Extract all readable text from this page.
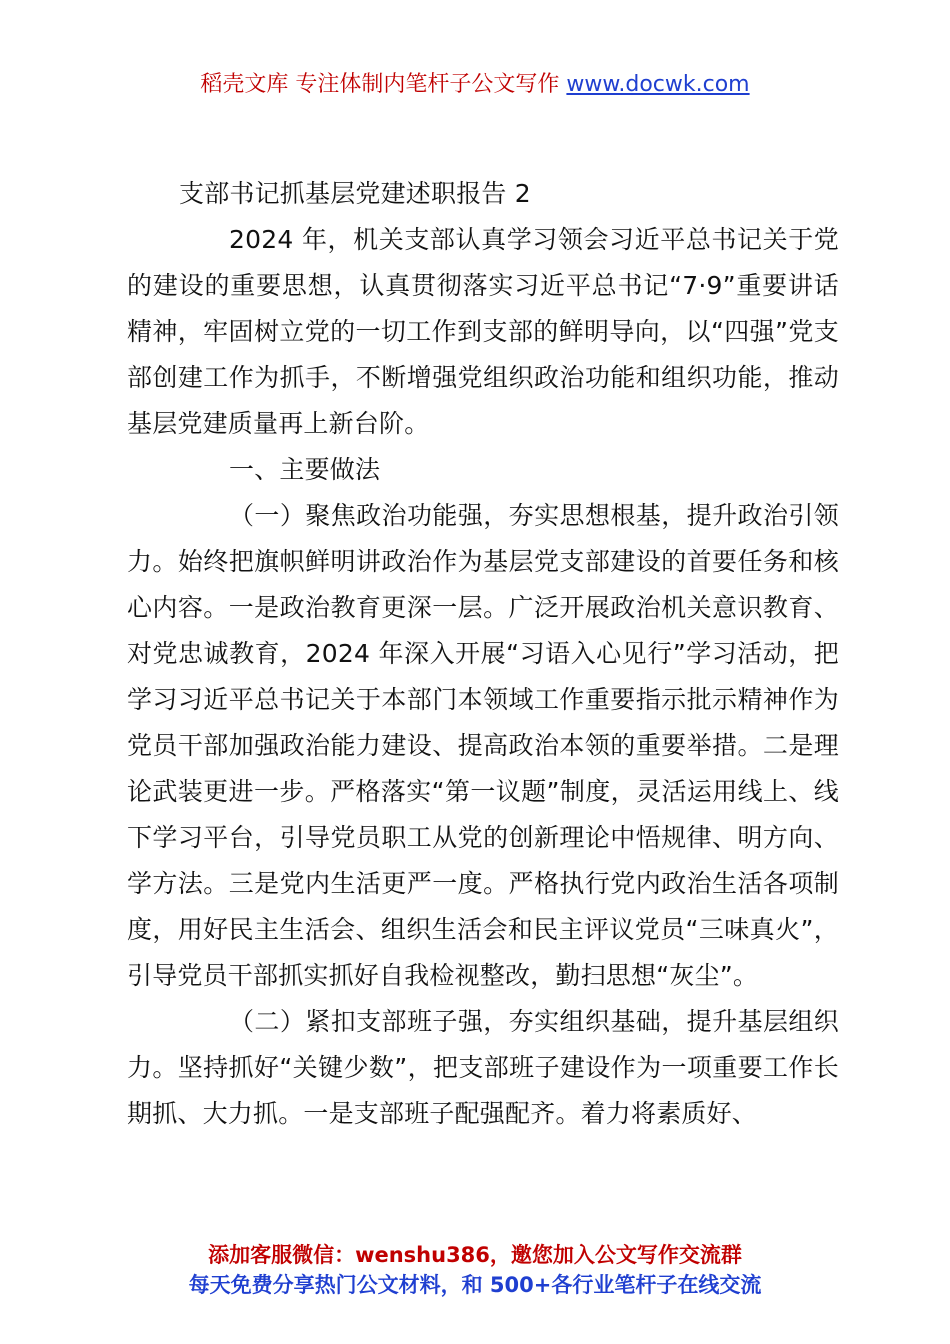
稻壳文库 专注体制内笔杆子公文写作 www.docwk.com

支部书记抓基层党建述职报告 2

2024 年，机关支部认真学习领会习近平总书记关于党的建设的重要思想，认真贯彻落实习近平总书记“7·9”重要讲话精神，牢固树立党的一切工作到支部的鲜明导向，以“四强”党支部创建工作为抓手，不断增强党组织政治功能和组织功能，推动基层党建质量再上新台阶。

一、主要做法

（一）聚焦政治功能强，夯实思想根基，提升政治引领力。始终把旗帜鲜明讲政治作为基层党支部建设的首要任务和核心内容。一是政治教育更深一层。广泛开展政治机关意识教育、对党忠诚教育，2024 年深入开展“习语入心见行”学习活动，把学习习近平总书记关于本部门本领域工作重要指示批示精神作为党员干部加强政治能力建设、提高政治本领的重要举措。二是理论武装更进一步。严格落实“第一议题”制度，灵活运用线上、线下学习平台，引导党员职工从党的创新理论中悟规律、明方向、学方法。三是党内生活更严一度。严格执行党内政治生活各项制度，用好民主生活会、组织生活会和民主评议党员“三味真火”，引导党员干部抓实抓好自我检视整改，勤扫思想“灰尘”。

（二）紧扣支部班子强，夯实组织基础，提升基层组织力。坚持抓好“关键少数”，把支部班子建设作为一项重要工作长期抓、大力抓。一是支部班子配强配齐。着力将素质好、

添加客服微信：wenshu386，邀您加入公文写作交流群
每天免费分享热门公文材料，和 500+各行业笔杆子在线交流
